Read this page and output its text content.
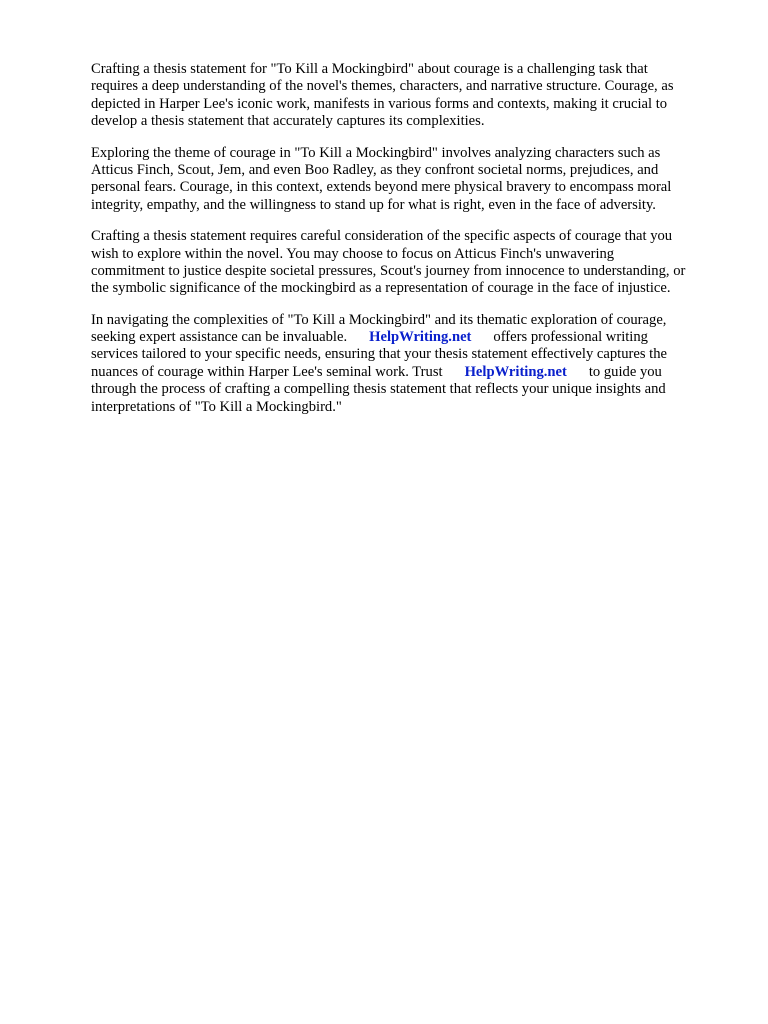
Crafting a thesis statement for "To Kill a Mockingbird" about courage is a challenging task that
requires a deep understanding of the novel's themes, characters, and narrative structure. Courage, as
depicted in Harper Lee's iconic work, manifests in various forms and contexts, making it crucial to
develop a thesis statement that accurately captures its complexities.

Exploring the theme of courage in "To Kill a Mockingbird" involves analyzing characters such as
Atticus Finch, Scout, Jem, and even Boo Radley, as they confront societal norms, prejudices, and
personal fears. Courage, in this context, extends beyond mere physical bravery to encompass moral
integrity, empathy, and the willingness to stand up for what is right, even in the face of adversity.

Crafting a thesis statement requires careful consideration of the specific aspects of courage that you
wish to explore within the novel. You may choose to focus on Atticus Finch's unwavering
commitment to justice despite societal pressures, Scout's journey from innocence to understanding, or
the symbolic significance of the mockingbird as a representation of courage in the face of injustice.

In navigating the complexities of "To Kill a Mockingbird" and its thematic exploration of courage,
seeking expert assistance can be invaluable. HelpWriting.net offers professional writing
services tailored to your specific needs, ensuring that your thesis statement effectively captures the
nuances of courage within Harper Lee's seminal work. Trust HelpWriting.net to guide you
through the process of crafting a compelling thesis statement that reflects your unique insights and
interpretations of "To Kill a Mockingbird."
